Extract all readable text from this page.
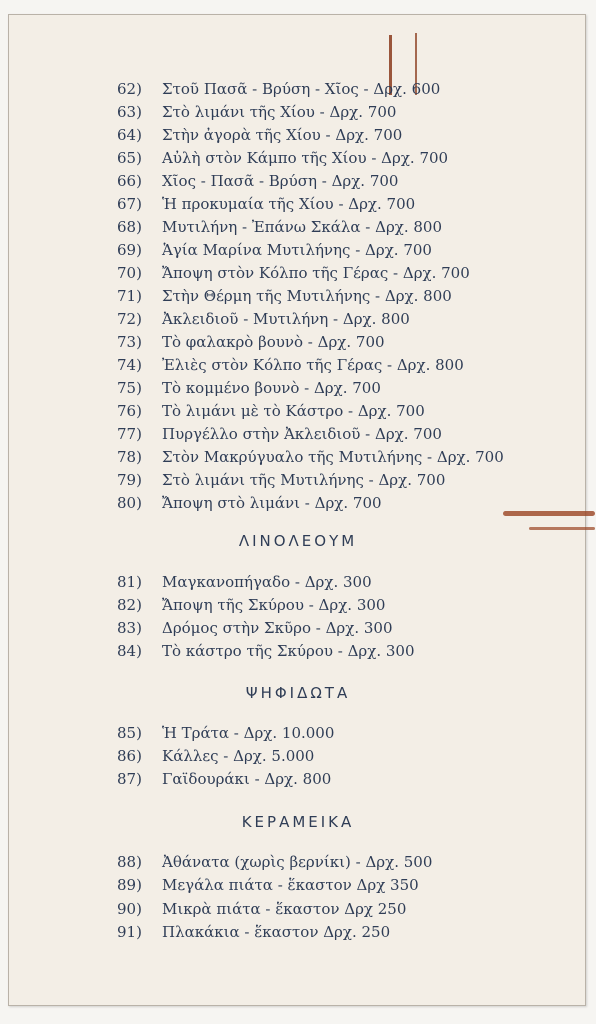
ΛΙΝΟΛΕΟΥΜ
ΨΗΦΙΔΩΤΑ
ΚΕΡΑΜΕΙΚΑ
62)	Στοῦ Πασᾶ - Βρύση - Χῖος - Δρχ. 600
63)	Στὸ λιμάνι τῆς Χίου - Δρχ. 700
64)	Στὴν ἀγορὰ τῆς Χίου - Δρχ. 700
65)	Αὐλὴ στὸν Κάμπο τῆς Χίου - Δρχ. 700
66)	Χῖος - Πασᾶ - Βρύση - Δρχ. 700
67)	Ἡ προκυμαία τῆς Χίου - Δρχ. 700
68)	Μυτιλήνη - Ἐπάνω Σκάλα - Δρχ. 800
69)	Ἁγία Μαρίνα Μυτιλήνης - Δρχ. 700
70)	Ἄποψη στὸν Κόλπο τῆς Γέρας - Δρχ. 700
71)	Στὴν Θέρμη τῆς Μυτιλήνης - Δρχ. 800
72)	Ἀκλειδιοῦ - Μυτιλήνη - Δρχ. 800
73)	Τὸ φαλακρὸ βουνὸ - Δρχ. 700
74)	Ἐλιὲς στὸν Κόλπο τῆς Γέρας - Δρχ. 800
75)	Τὸ κομμένο βουνὸ - Δρχ. 700
76)	Τὸ λιμάνι μὲ τὸ Κάστρο - Δρχ. 700
77)	Πυργέλλο στὴν Ἀκλειδιοῦ - Δρχ. 700
78)	Στὸν Μακρύγυαλο τῆς Μυτιλήνης - Δρχ. 700
79)	Στὸ λιμάνι τῆς Μυτιλήνης - Δρχ. 700
80)	Ἄποψη στὸ λιμάνι - Δρχ. 700
81)	Μαγκανοπήγαδο - Δρχ. 300
82)	Ἄποψη τῆς Σκύρου - Δρχ. 300
83)	Δρόμος στὴν Σκῦρο - Δρχ. 300
84)	Τὸ κάστρο τῆς Σκύρου - Δρχ. 300
85)	Ἡ Τράτα - Δρχ. 10.000
86)	Κάλλες - Δρχ. 5.000
87)	Γαϊδουράκι - Δρχ. 800
88)	Ἀθάνατα (χωρὶς βερνίκι) - Δρχ. 500
89)	Μεγάλα πιάτα - ἕκαστον Δρχ 350
90)	Μικρὰ πιάτα - ἕκαστον Δρχ 250
91)	Πλακάκια - ἕκαστον Δρχ. 250
